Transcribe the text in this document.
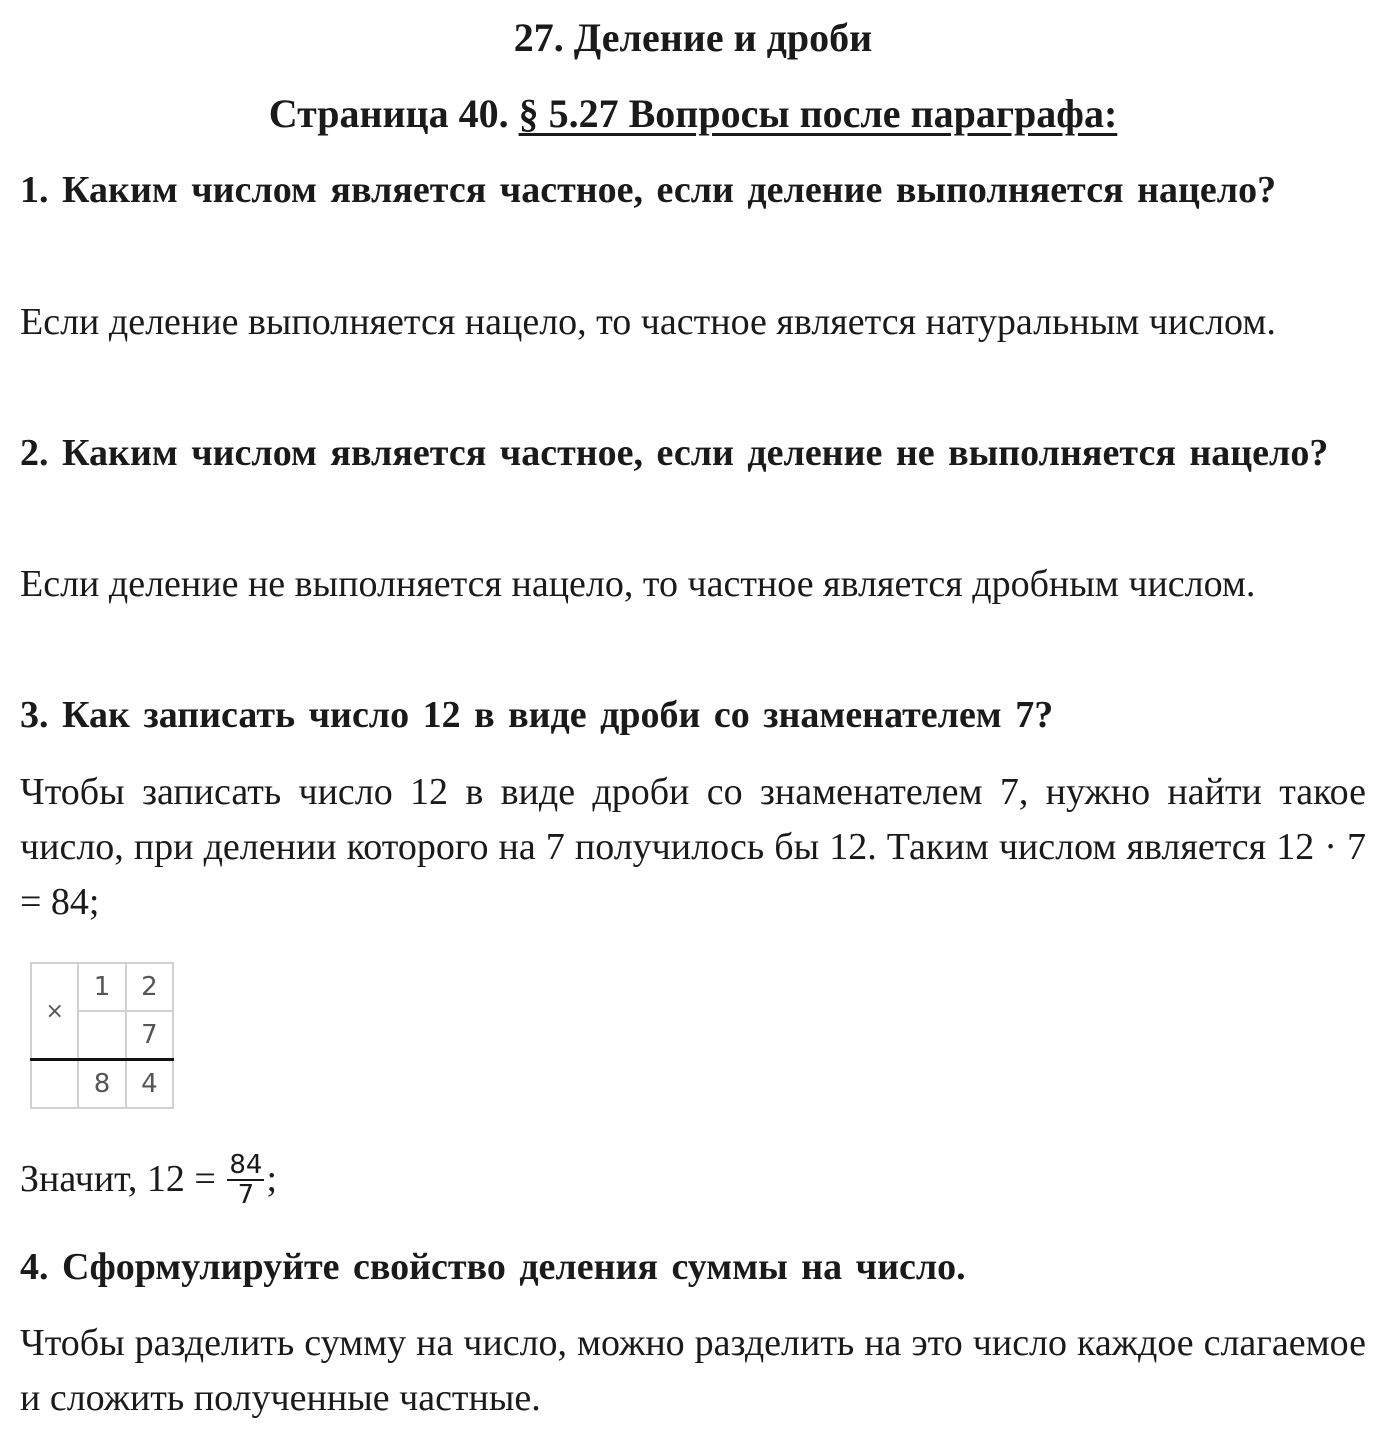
27. Деление и дроби
Страница 40. § 5.27 Вопросы после параграфа:

1. Каким числом является частное, если деление выполняется нацело?

Если деление выполняется нацело, то частное является натуральным числом.

2. Каким числом является частное, если деление не выполняется нацело?

Если деление не выполняется нацело, то частное является дробным числом.

3. Как записать число 12 в виде дроби со знаменателем 7?

Чтобы записать число 12 в виде дроби со знаменателем 7, нужно найти такое число, при делении которого на 7 получилось бы 12. Таким числом является 12 · 7 = 84;

×	1	2
		7
	8	4

Значит, $12 = \frac{84}{7}$ ;

4. Сформулируйте свойство деления суммы на число.

Чтобы разделить сумму на число, можно разделить на это число каждое слагаемое и сложить полученные частные.
